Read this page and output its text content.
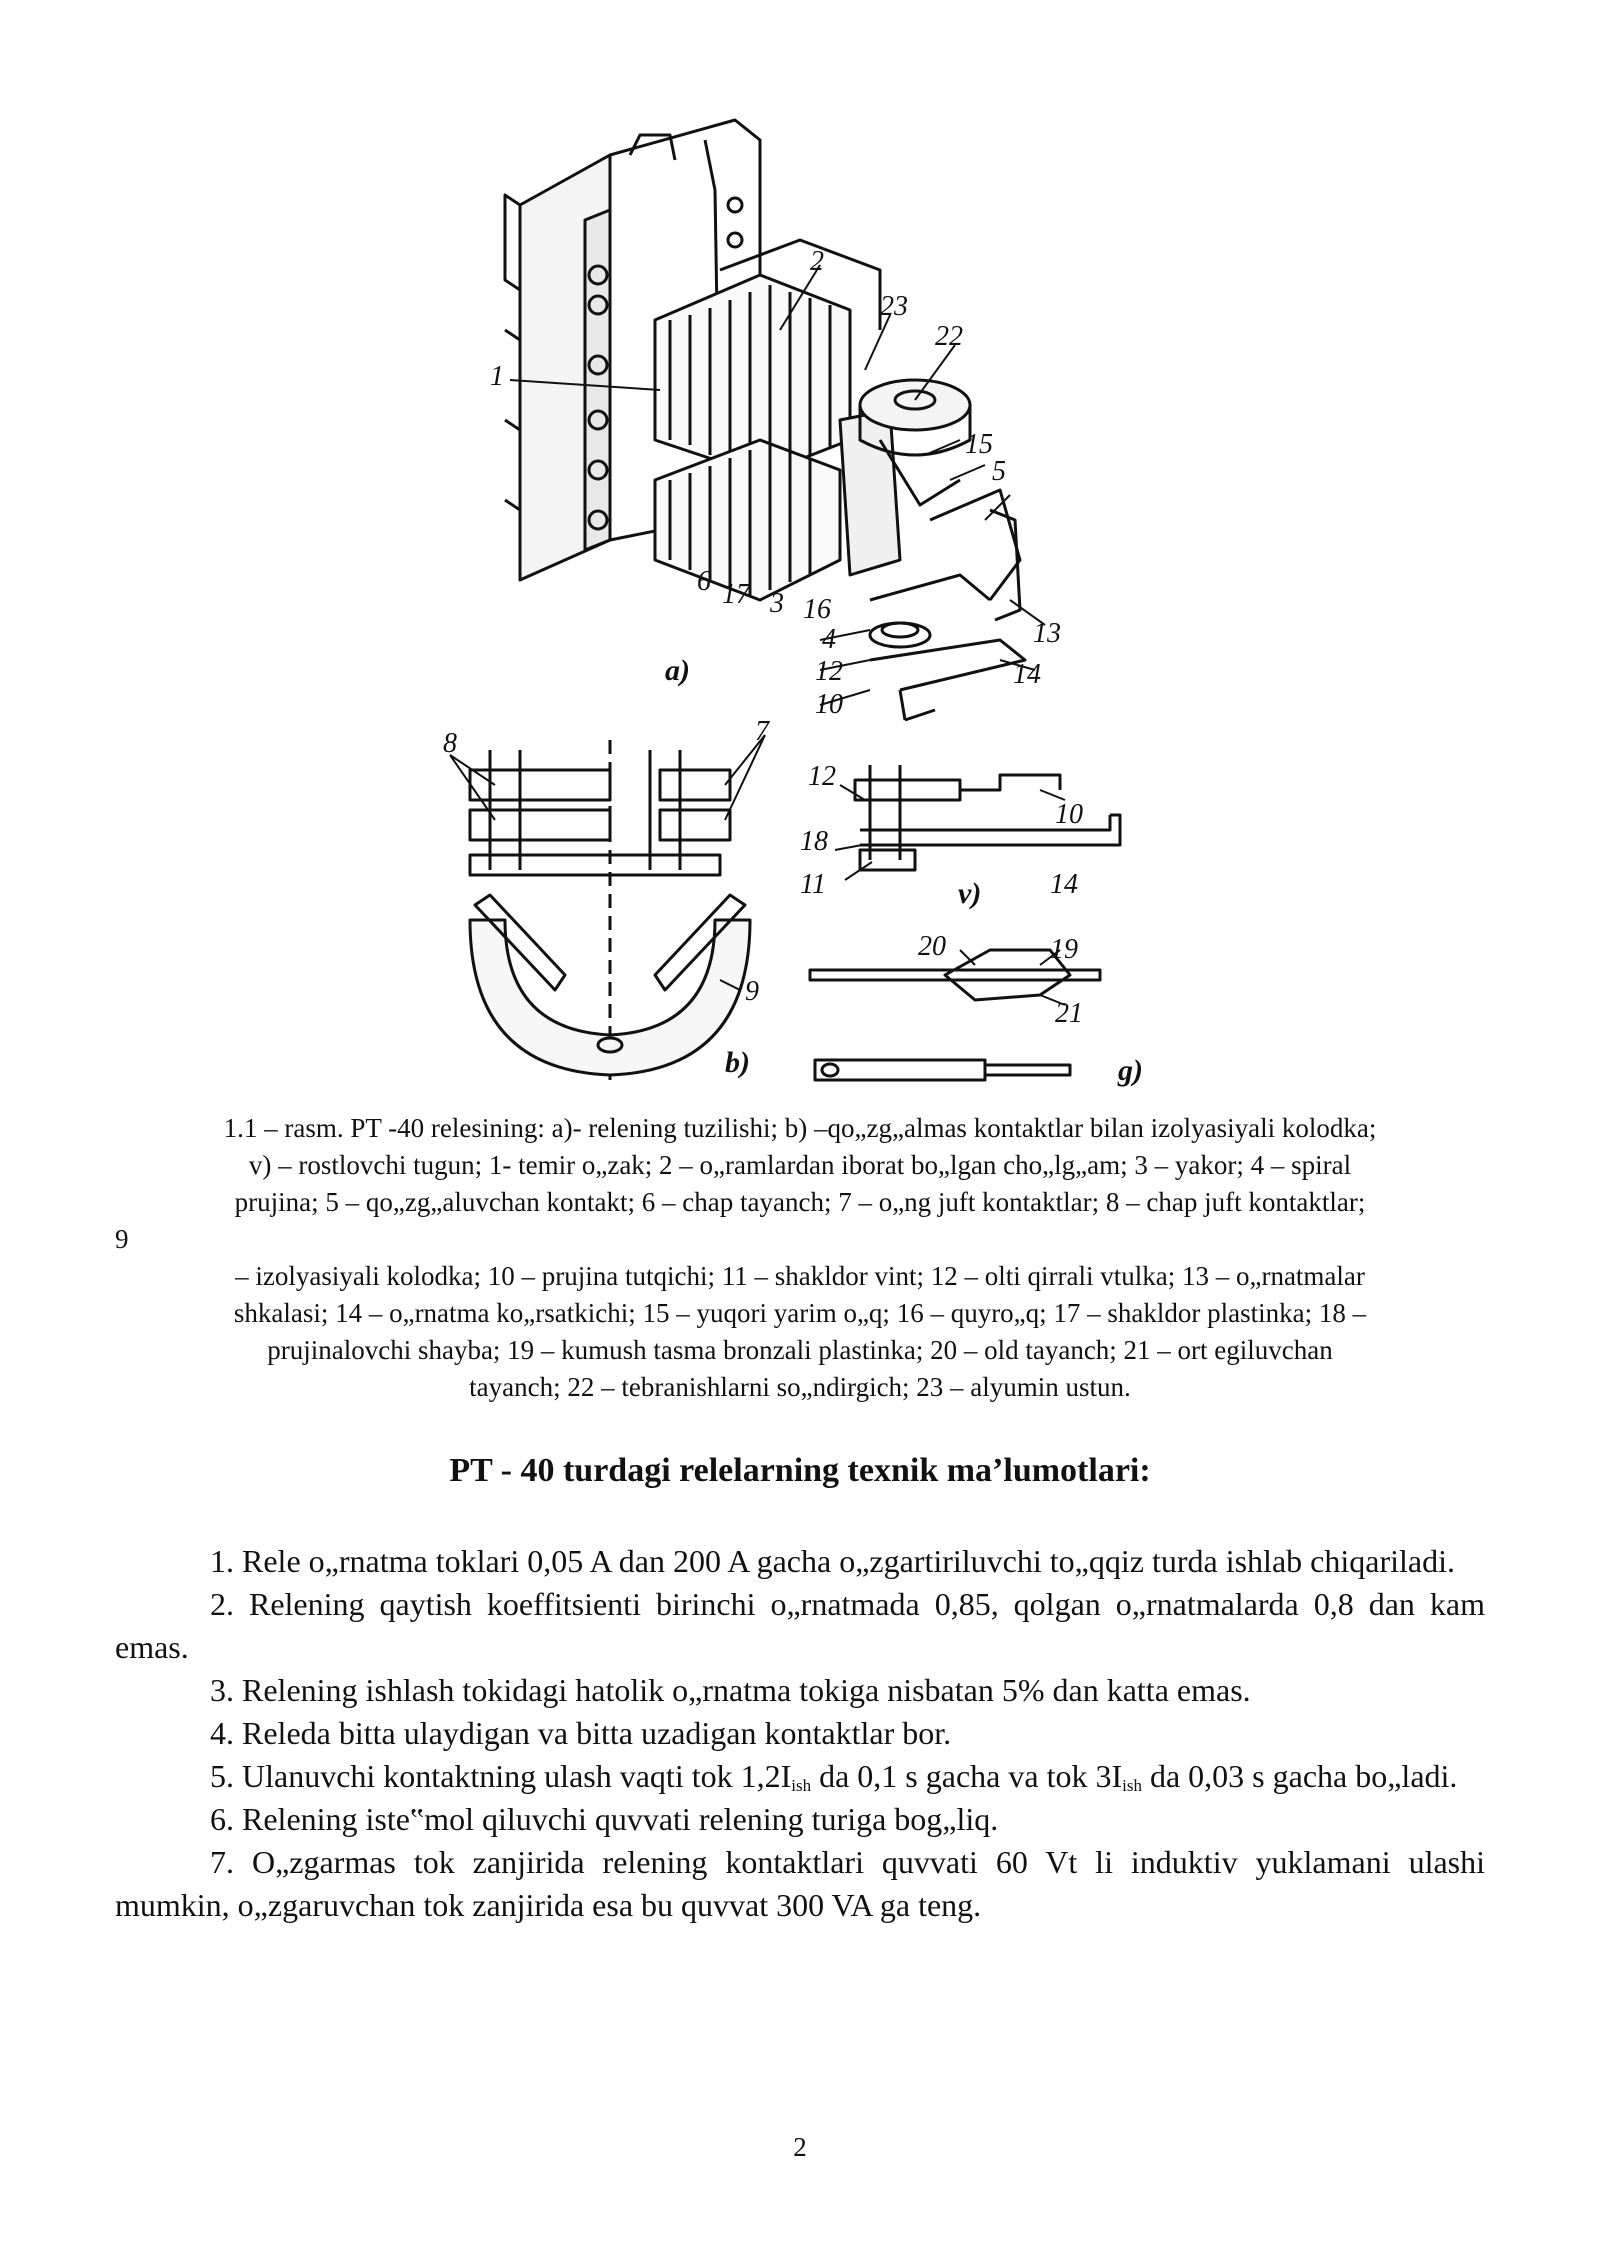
1
2
3
4
5
6
7
8
9
10
10
11
12
12
13
14
14
15
16
17
18
19
20
21
22
23
a)
b)
v)
g)
1.1 – rasm. PT -40 relesining: a)- relening tuzilishi; b) –qo„zg„almas kontaktlar bilan izolyasiyali kolodka;
v) – rostlovchi tugun; 1- temir o„zak; 2 – o„ramlardan iborat bo„lgan cho„lg„am; 3 – yakor; 4 – spiral
prujina; 5 – qo„zg„aluvchan kontakt; 6 – chap tayanch; 7 – o„ng juft kontaktlar; 8 – chap juft kontaktlar;
9
– izolyasiyali kolodka; 10 – prujina tutqichi; 11 – shakldor vint; 12 – olti qirrali vtulka; 13 – o„rnatmalar
shkalasi; 14 – o„rnatma ko„rsatkichi; 15 – yuqori yarim o„q; 16 – quyro„q; 17 – shakldor plastinka; 18 –
prujinalovchi shayba; 19 – kumush tasma bronzali plastinka; 20 – old tayanch; 21 – ort egiluvchan
tayanch; 22 – tebranishlarni so„ndirgich; 23 – alyumin ustun.
PT - 40 turdagi relelarning texnik ma’lumotlari:

1. Rele o„rnatma toklari 0,05 A dan 200 A gacha o„zgartiriluvchi to„qqiz turda ishlab chiqariladi.

2. Relening qaytish koeffitsienti birinchi o„rnatmada 0,85, qolgan o„rnatmalarda 0,8 dan kam emas.

3. Relening ishlash tokidagi hatolik o„rnatma tokiga nisbatan 5% dan katta emas.

4. Releda bitta ulaydigan va bitta uzadigan kontaktlar bor.

5. Ulanuvchi kontaktning ulash vaqti tok $1,2I_{ish}$ da 0,1 s gacha va tok $3I_{ish}$ da 0,03 s gacha bo„ladi.

6. Relening iste‟mol qiluvchi quvvati relening turiga bog„liq.

7. O„zgarmas tok zanjirida relening kontaktlari quvvati 60 Vt li induktiv yuklamani ulashi mumkin, o„zgaruvchan tok zanjirida esa bu quvvat 300 VA ga teng.

2
